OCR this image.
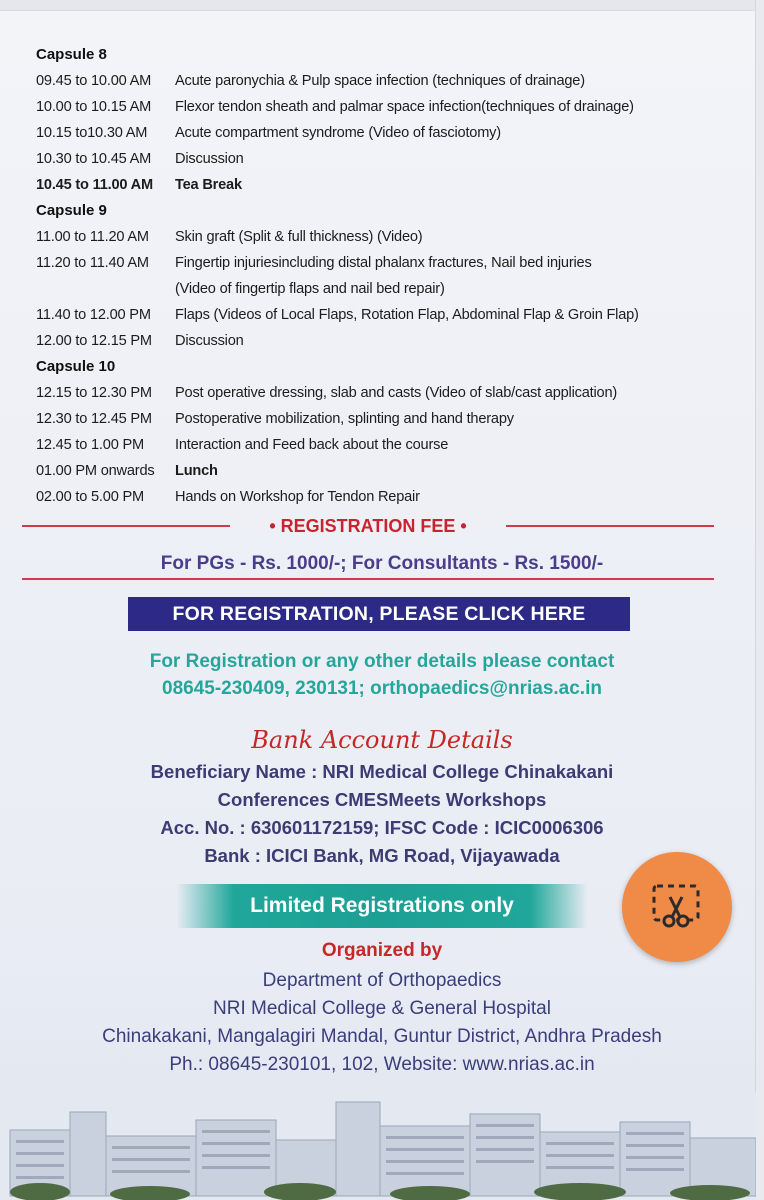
Capsule 8
09.45 to 10.00 AM	Acute paronychia & Pulp space infection (techniques of drainage)
10.00 to 10.15 AM	Flexor tendon sheath and palmar space infection(techniques of drainage)
10.15 to10.30 AM	Acute compartment syndrome (Video of fasciotomy)
10.30 to 10.45 AM	Discussion
10.45 to 11.00 AM	Tea Break
Capsule 9
11.00 to 11.20 AM	Skin graft (Split & full thickness) (Video)
11.20 to 11.40 AM	Fingertip injuriesincluding distal phalanx fractures, Nail bed injuries
(Video of fingertip flaps and nail bed repair)
11.40 to 12.00 PM	Flaps (Videos of Local Flaps, Rotation Flap, Abdominal Flap & Groin Flap)
12.00 to 12.15 PM	Discussion
Capsule 10
12.15 to 12.30 PM	Post operative dressing, slab and casts (Video of slab/cast application)
12.30 to 12.45 PM	Postoperative mobilization, splinting and hand therapy
12.45 to 1.00 PM	Interaction and Feed back about the course
01.00 PM onwards	Lunch
02.00 to 5.00 PM	Hands on Workshop for Tendon Repair
• REGISTRATION FEE •
For PGs - Rs. 1000/-; For Consultants - Rs. 1500/-
FOR REGISTRATION, PLEASE CLICK HERE
For Registration or any other details please contact
08645-230409, 230131; orthopaedics@nrias.ac.in
Bank Account Details
Beneficiary Name : NRI Medical College Chinakakani
Conferences CMESMeets Workshops
Acc. No. : 630601172159; IFSC Code : ICIC0006306
Bank : ICICI Bank, MG Road, Vijayawada
Limited Registrations only
Organized by
Department of Orthopaedics
NRI Medical College & General Hospital
Chinakakani, Mangalagiri Mandal, Guntur District, Andhra Pradesh
Ph.: 08645-230101, 102, Website: www.nrias.ac.in
